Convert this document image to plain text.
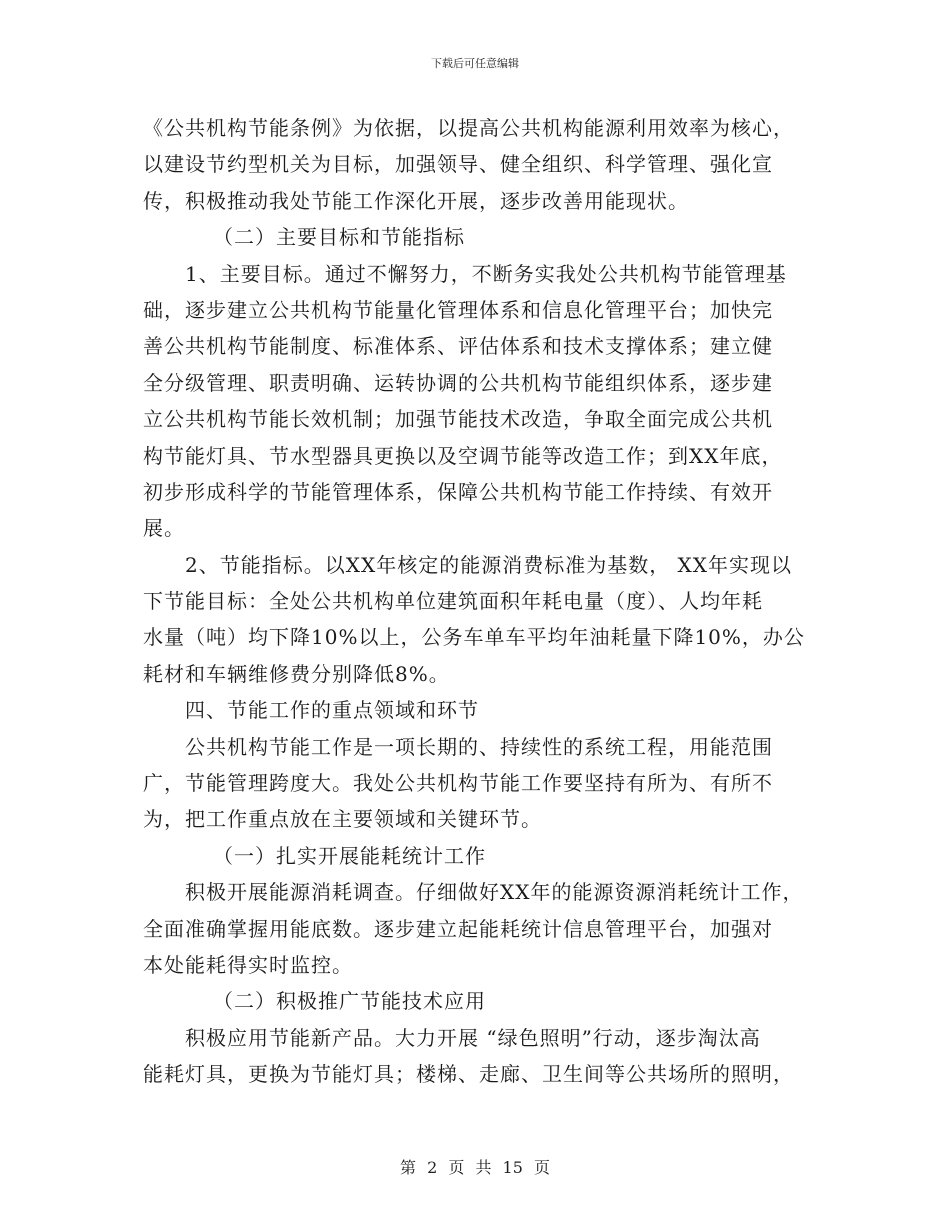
下载后可任意编辑
《公共机构节能条例》为依据，以提高公共机构能源利用效率为核心，
以建设节约型机关为目标，加强领导、健全组织、科学管理、强化宣
传，积极推动我处节能工作深化开展，逐步改善用能现状。
（二）主要目标和节能指标
1、主要目标。通过不懈努力，不断务实我处公共机构节能管理基
础，逐步建立公共机构节能量化管理体系和信息化管理平台；加快完
善公共机构节能制度、标准体系、评估体系和技术支撑体系；建立健
全分级管理、职责明确、运转协调的公共机构节能组织体系，逐步建
立公共机构节能长效机制；加强节能技术改造，争取全面完成公共机
构节能灯具、节水型器具更换以及空调节能等改造工作；到XX年底，
初步形成科学的节能管理体系，保障公共机构节能工作持续、有效开
展。
2、节能指标。以XX年核定的能源消费标准为基数， XX年实现以
下节能目标：全处公共机构单位建筑面积年耗电量（度）、人均年耗
水量（吨）均下降10%以上，公务车单车平均年油耗量下降10%，办公
耗材和车辆维修费分别降低8%。
四、节能工作的重点领域和环节
公共机构节能工作是一项长期的、持续性的系统工程，用能范围
广，节能管理跨度大。我处公共机构节能工作要坚持有所为、有所不
为，把工作重点放在主要领域和关键环节。
（一）扎实开展能耗统计工作
积极开展能源消耗调查。仔细做好XX年的能源资源消耗统计工作，
全面准确掌握用能底数。逐步建立起能耗统计信息管理平台，加强对
本处能耗得实时监控。
（二）积极推广节能技术应用
积极应用节能新产品。大力开展 “绿色照明”行动，逐步淘汰高
能耗灯具，更换为节能灯具；楼梯、走廊、卫生间等公共场所的照明，
第 2 页 共 15 页
